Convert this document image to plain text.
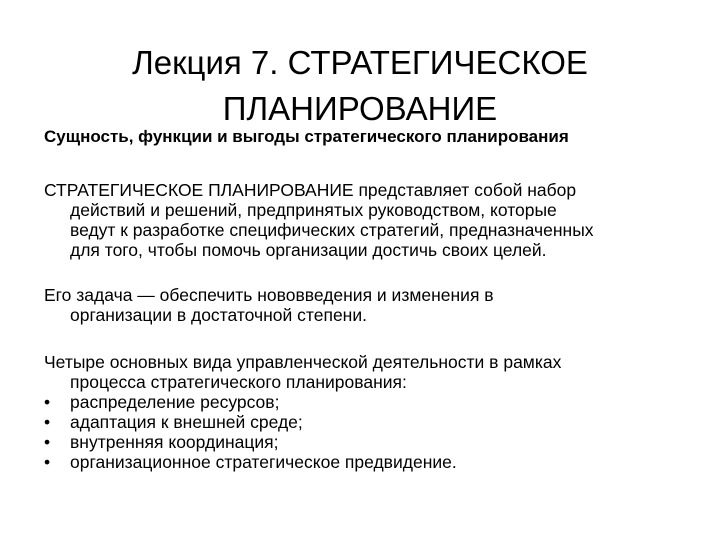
Лекция 7. СТРАТЕГИЧЕСКОЕ
ПЛАНИРОВАНИЕ
Сущность, функции и выгоды стратегического планирования
СТРАТЕГИЧЕСКОЕ ПЛАНИРОВАНИЕ представляет собой набор
действий и решений, предпринятых руководством, которые
ведут к разработке специфических стратегий, предназначенных
для того, чтобы помочь организации достичь своих целей.
Его задача — обеспечить нововведения и изменения в
организации в достаточной степени.
Четыре основных вида управленческой деятельности в рамках
процесса стратегического планирования:
•	распределение ресурсов;
•	адаптация к внешней среде;
•	внутренняя координация;
•	организационное стратегическое предвидение.
